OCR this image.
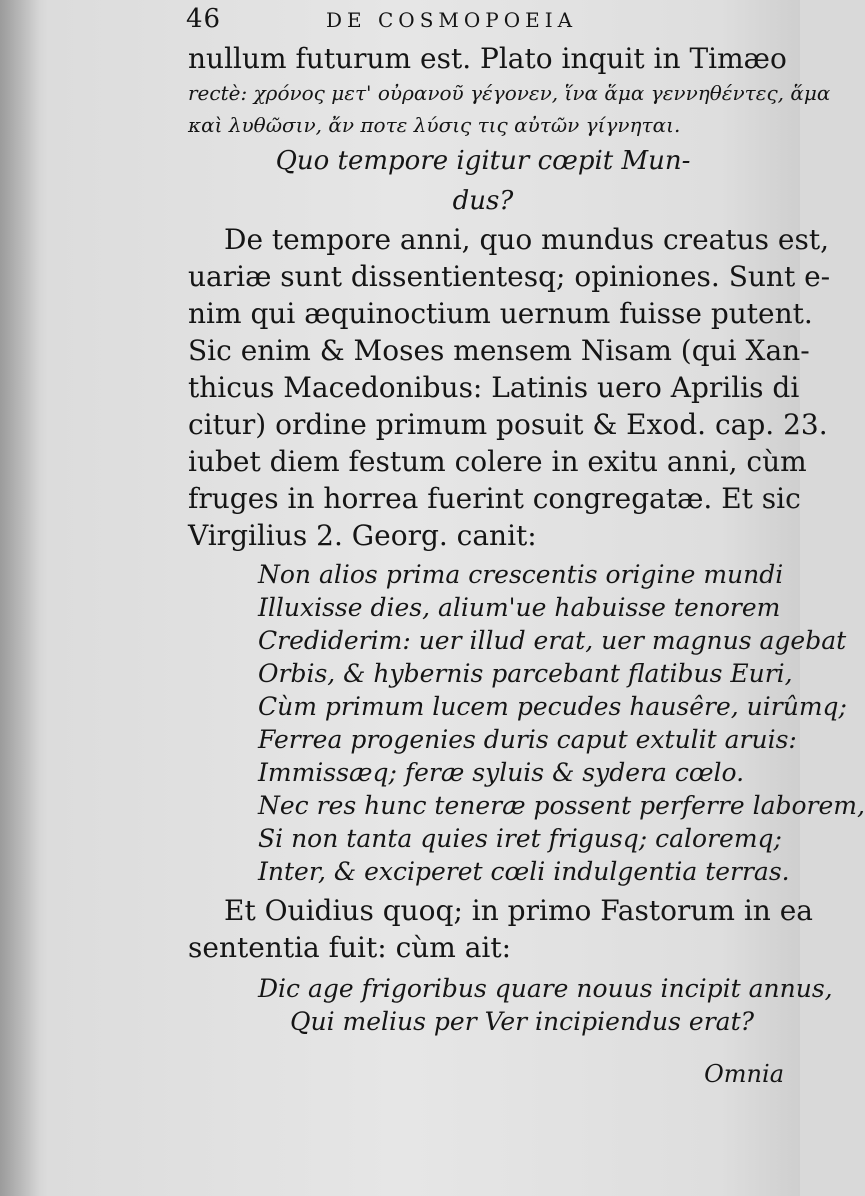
46	DE COSMOPOEIA
nullum futurum est. Plato inquit in Timæo
rectè: χρόνος μετ' οὐρανοῦ γέγονεν, ἵνα ἅμα γεννηθέντες, ἅμα
καὶ λυθῶσιν, ἄν ποτε λύσις τις αὐτῶν γίγνηται.
Quo tempore igitur cœpit Mun-
dus?
De tempore anni, quo mundus creatus est,
uariæ sunt dissentientesq; opiniones. Sunt e-
nim qui æquinoctium uernum fuisse putent.
Sic enim & Moses mensem Nisam (qui Xan-
thicus Macedonibus: Latinis uero Aprilis di
citur) ordine primum posuit & Exod. cap. 23.
iubet diem festum colere in exitu anni, cùm
fruges in horrea fuerint congregatæ. Et sic
Virgilius 2. Georg. canit:
Non alios prima crescentis origine mundi
Illuxisse dies, alium'ue habuisse tenorem
Crediderim: uer illud erat, uer magnus agebat
Orbis, & hybernis parcebant flatibus Euri,
Cùm primum lucem pecudes hausêre, uirûmq;
Ferrea progenies duris caput extulit aruis:
Immissæq; feræ syluis & sydera cœlo.
Nec res hunc teneræ possent perferre laborem,
Si non tanta quies iret frigusq; caloremq;
Inter, & exciperet cœli indulgentia terras.
Et Ouidius quoq; in primo Fastorum in ea
sententia fuit: cùm ait:
Dic age frigoribus quare nouus incipit annus,
Qui melius per Ver incipiendus erat?
Omnia
